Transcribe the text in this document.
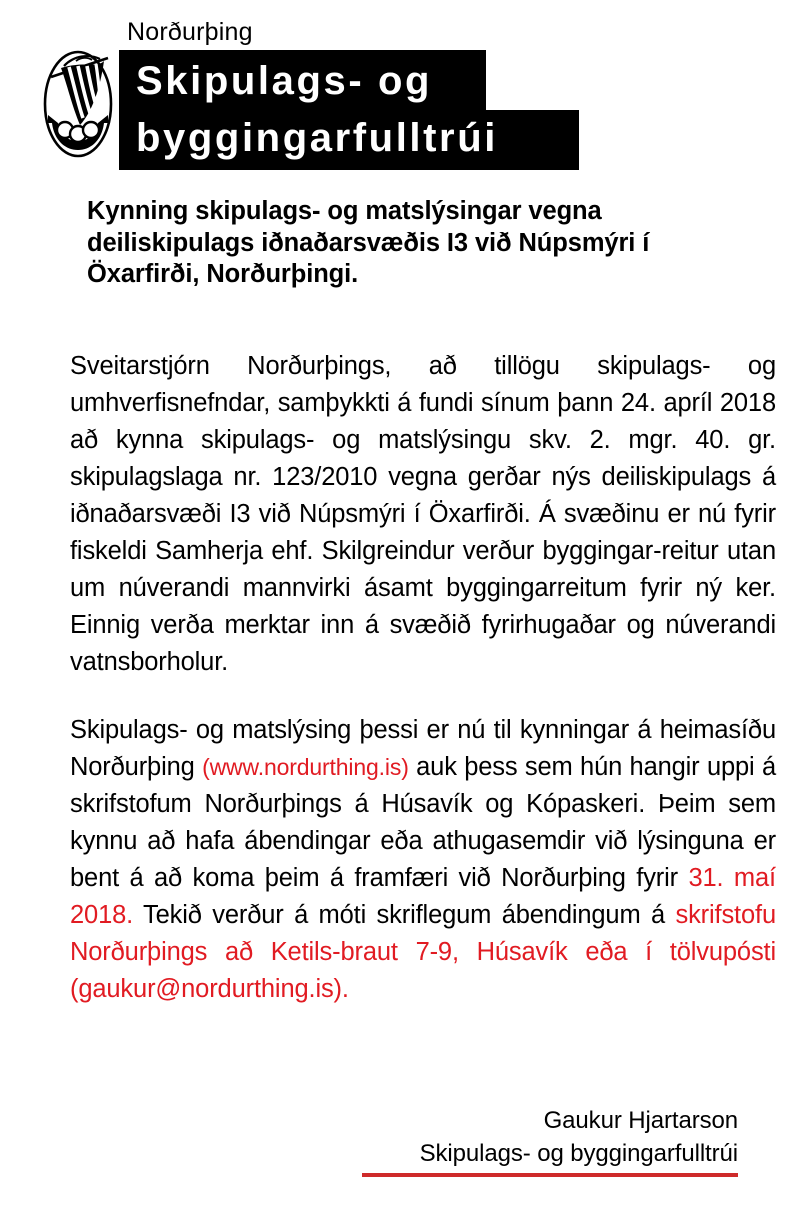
Norðurþing
Skipulags- og
byggingarfulltrúi
Kynning skipulags- og matslýsingar vegna deiliskipulags iðnaðarsvæðis I3 við Núpsmýri í Öxarfirði, Norðurþingi.

Sveitarstjórn Norðurþings, að tillögu skipulags- og umhverfisnefndar, samþykkti á fundi sínum þann 24. apríl 2018 að kynna skipulags- og matslýsingu skv. 2. mgr. 40. gr. skipulagslaga nr. 123/2010 vegna gerðar nýs deiliskipulags á iðnaðarsvæði I3 við Núpsmýri í Öxarfirði. Á svæðinu er nú fyrir fiskeldi Samherja ehf. Skilgreindur verður byggingar-reitur utan um núverandi mannvirki ásamt byggingarreitum fyrir ný ker. Einnig verða merktar inn á svæðið fyrirhugaðar og núverandi vatnsborholur.

Skipulags- og matslýsing þessi er nú til kynningar á heimasíðu Norðurþing (www.nordurthing.is) auk þess sem hún hangir uppi á skrifstofum Norðurþings á Húsavík og Kópaskeri. Þeim sem kynnu að hafa ábendingar eða athugasemdir við lýsinguna er bent á að koma þeim á framfæri við Norðurþing fyrir 31. maí 2018. Tekið verður á móti skriflegum ábendingum á skrifstofu Norðurþings að Ketils-braut 7-9, Húsavík eða í tölvupósti (gaukur@nordurthing.is).

Gaukur Hjartarson
Skipulags- og byggingarfulltrúi
